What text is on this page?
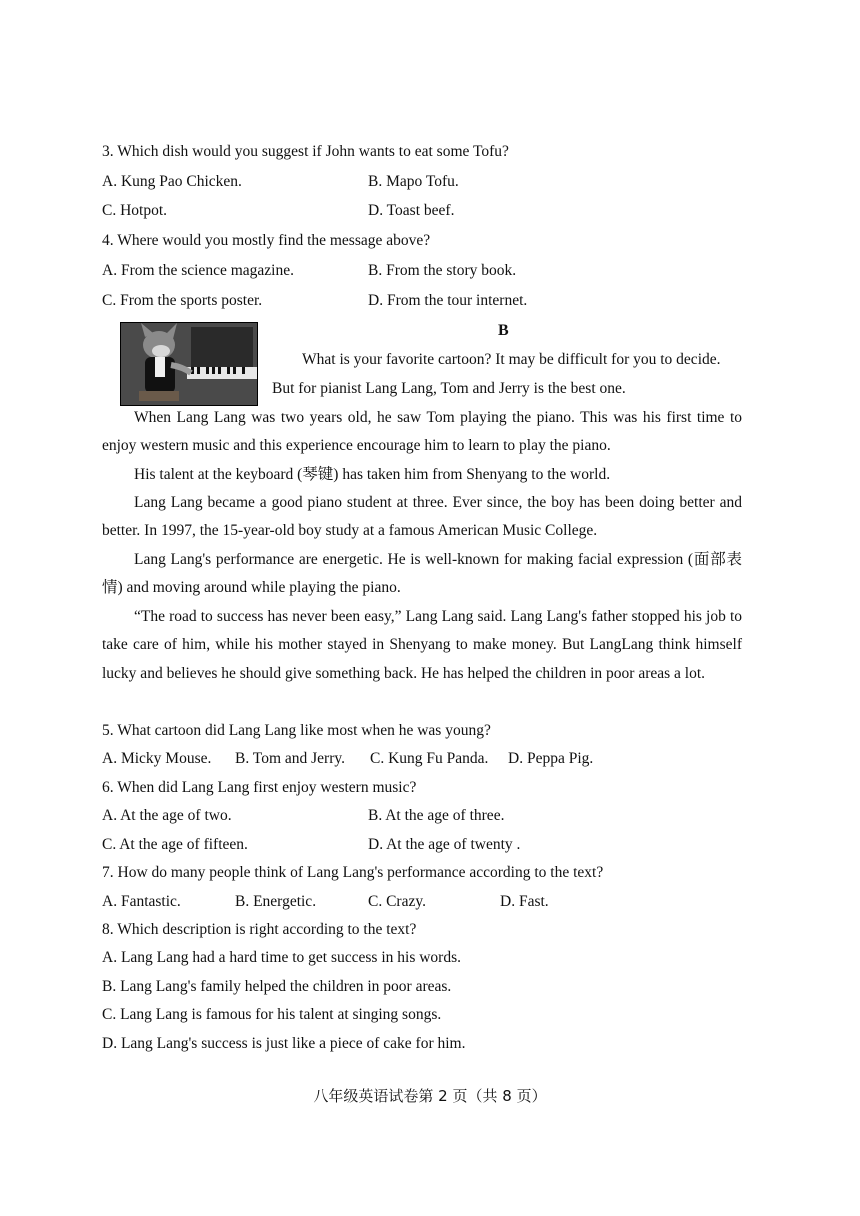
3. Which dish would you suggest if John wants to eat some Tofu?
A. Kung Pao Chicken.	B. Mapo Tofu.
C. Hotpot.	D. Toast beef.
4. Where would you mostly find the message above?
A. From the science magazine.	B. From the story book.
C. From the sports poster.	D. From the tour internet.
B
What is your favorite cartoon? It may be difficult for you to decide.
But for pianist Lang Lang, Tom and Jerry is the best one.
When Lang Lang was two years old, he saw Tom playing the piano. This was his first time to enjoy western music and this experience encourage him to learn to play the piano.
His talent at the keyboard (琴键) has taken him from Shenyang to the world.
Lang Lang became a good piano student at three. Ever since, the boy has been doing better and better. In 1997, the 15-year-old boy study at a famous American Music College.
Lang Lang's performance are energetic. He is well-known for making facial expression (面部表情) and moving around while playing the piano.
“The road to success has never been easy,” Lang Lang said. Lang Lang's father stopped his job to take care of him, while his mother stayed in Shenyang to make money. But LangLang think himself lucky and believes he should give something back. He has helped the children in poor areas a lot.
5. What cartoon did Lang Lang like most when he was young?
A. Micky Mouse. B. Tom and Jerry. C. Kung Fu Panda. D. Peppa Pig.
6. When did Lang Lang first enjoy western music?
A. At the age of two.	B. At the age of three.
C. At the age of fifteen.	D. At the age of twenty .
7. How do many people think of Lang Lang's performance according to the text?
A. Fantastic.	B. Energetic.	C. Crazy.	D. Fast.
8. Which description is right according to the text?
A. Lang Lang had a hard time to get success in his words.
B. Lang Lang's family helped the children in poor areas.
C. Lang Lang is famous for his talent at singing songs.
D. Lang Lang's success is just like a piece of cake for him.
八年级英语试卷第 2 页（共 8 页）
